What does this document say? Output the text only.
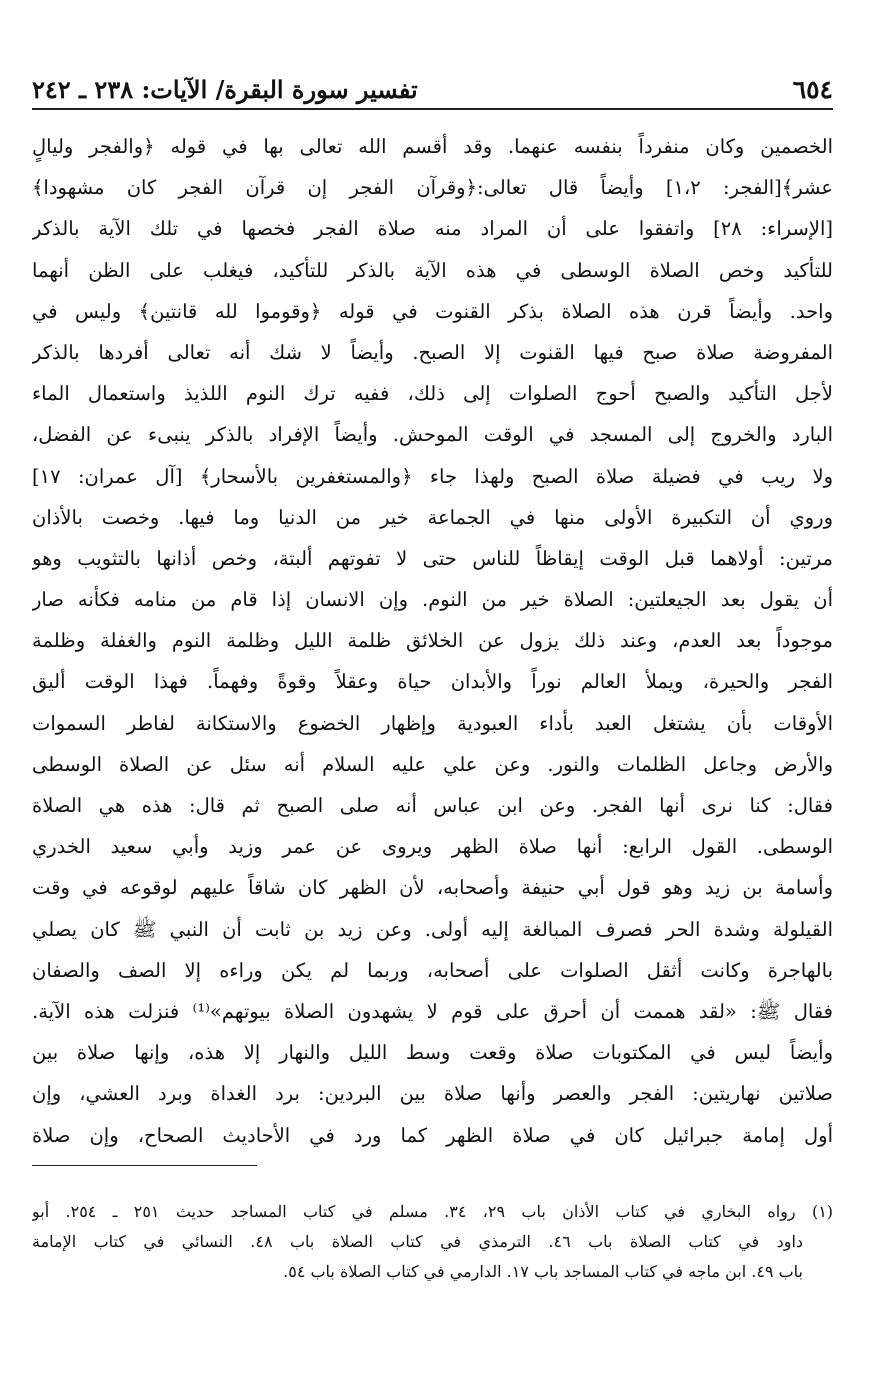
٦٥٤
تفسير سورة البقرة/ الآيات: ٢٣٨ ـ ٢٤٢
الخصمين وكان منفرداً بنفسه عنهما. وقد أقسم الله تعالى بها في قوله ﴿والفجر وليالٍ
عشر﴾[الفجر: ١،٢] وأيضاً قال تعالى:﴿وقرآن الفجر إن قرآن الفجر كان مشهودا﴾
[الإسراء: ٢٨] واتفقوا على أن المراد منه صلاة الفجر فخصها في تلك الآية بالذكر
للتأكيد وخص الصلاة الوسطى في هذه الآية بالذكر للتأكيد، فيغلب على الظن أنهما
واحد. وأيضاً قرن هذه الصلاة بذكر القنوت في قوله ﴿وقوموا لله قانتين﴾ وليس في
المفروضة صلاة صبح فيها القنوت إلا الصبح. وأيضاً لا شك أنه تعالى أفردها بالذكر
لأجل التأكيد والصبح أحوج الصلوات إلى ذلك، ففيه ترك النوم اللذيذ واستعمال الماء
البارد والخروج إلى المسجد في الوقت الموحش. وأيضاً الإفراد بالذكر ينبىء عن الفضل،
ولا ريب في فضيلة صلاة الصبح ولهذا جاء ﴿والمستغفرين بالأسحار﴾ [آل عمران: ١٧]
وروي أن التكبيرة الأولى منها في الجماعة خير من الدنيا وما فيها. وخصت بالأذان
مرتين: أولاهما قبل الوقت إيقاظاً للناس حتى لا تفوتهم ألبتة، وخص أذانها بالتثويب وهو
أن يقول بعد الجيعلتين: الصلاة خير من النوم. وإن الانسان إذا قام من منامه فكأنه صار
موجوداً بعد العدم، وعند ذلك يزول عن الخلائق ظلمة الليل وظلمة النوم والغفلة وظلمة
الفجر والحيرة، ويملأ العالم نوراً والأبدان حياة وعقلاً وقوةً وفهماً. فهذا الوقت أليق
الأوقات بأن يشتغل العبد بأداء العبودية وإظهار الخضوع والاستكانة لفاطر السموات
والأرض وجاعل الظلمات والنور. وعن علي عليه السلام أنه سئل عن الصلاة الوسطى
فقال: كنا نرى أنها الفجر. وعن ابن عباس أنه صلى الصبح ثم قال: هذه هي الصلاة
الوسطى. القول الرابع: أنها صلاة الظهر ويروى عن عمر وزيد وأبي سعيد الخدري
وأسامة بن زيد وهو قول أبي حنيفة وأصحابه، لأن الظهر كان شاقاً عليهم لوقوعه في وقت
القيلولة وشدة الحر فصرف المبالغة إليه أولى. وعن زيد بن ثابت أن النبي ﷺ كان يصلي
بالهاجرة وكانت أثقل الصلوات على أصحابه، وربما لم يكن وراءه إلا الصف والصفان
فقال ﷺ: «لقد هممت أن أحرق على قوم لا يشهدون الصلاة بيوتهم»⁽¹⁾ فنزلت هذه الآية.
وأيضاً ليس في المكتوبات صلاة وقعت وسط الليل والنهار إلا هذه، وإنها صلاة بين
صلاتين نهاريتين: الفجر والعصر وأنها صلاة بين البردين: برد الغداة وبرد العشي، وإن
أول إمامة جبرائيل كان في صلاة الظهر كما ورد في الأحاديث الصحاح، وإن صلاة
(١) رواه البخاري في كتاب الأذان باب ٢٩، ٣٤. مسلم في كتاب المساجد حديث ٢٥١ ـ ٢٥٤. أبو
داود في كتاب الصلاة باب ٤٦. الترمذي في كتاب الصلاة باب ٤٨. النسائي في كتاب الإمامة
باب ٤٩. ابن ماجه في كتاب المساجد باب ١٧. الدارمي في كتاب الصلاة باب ٥٤.
